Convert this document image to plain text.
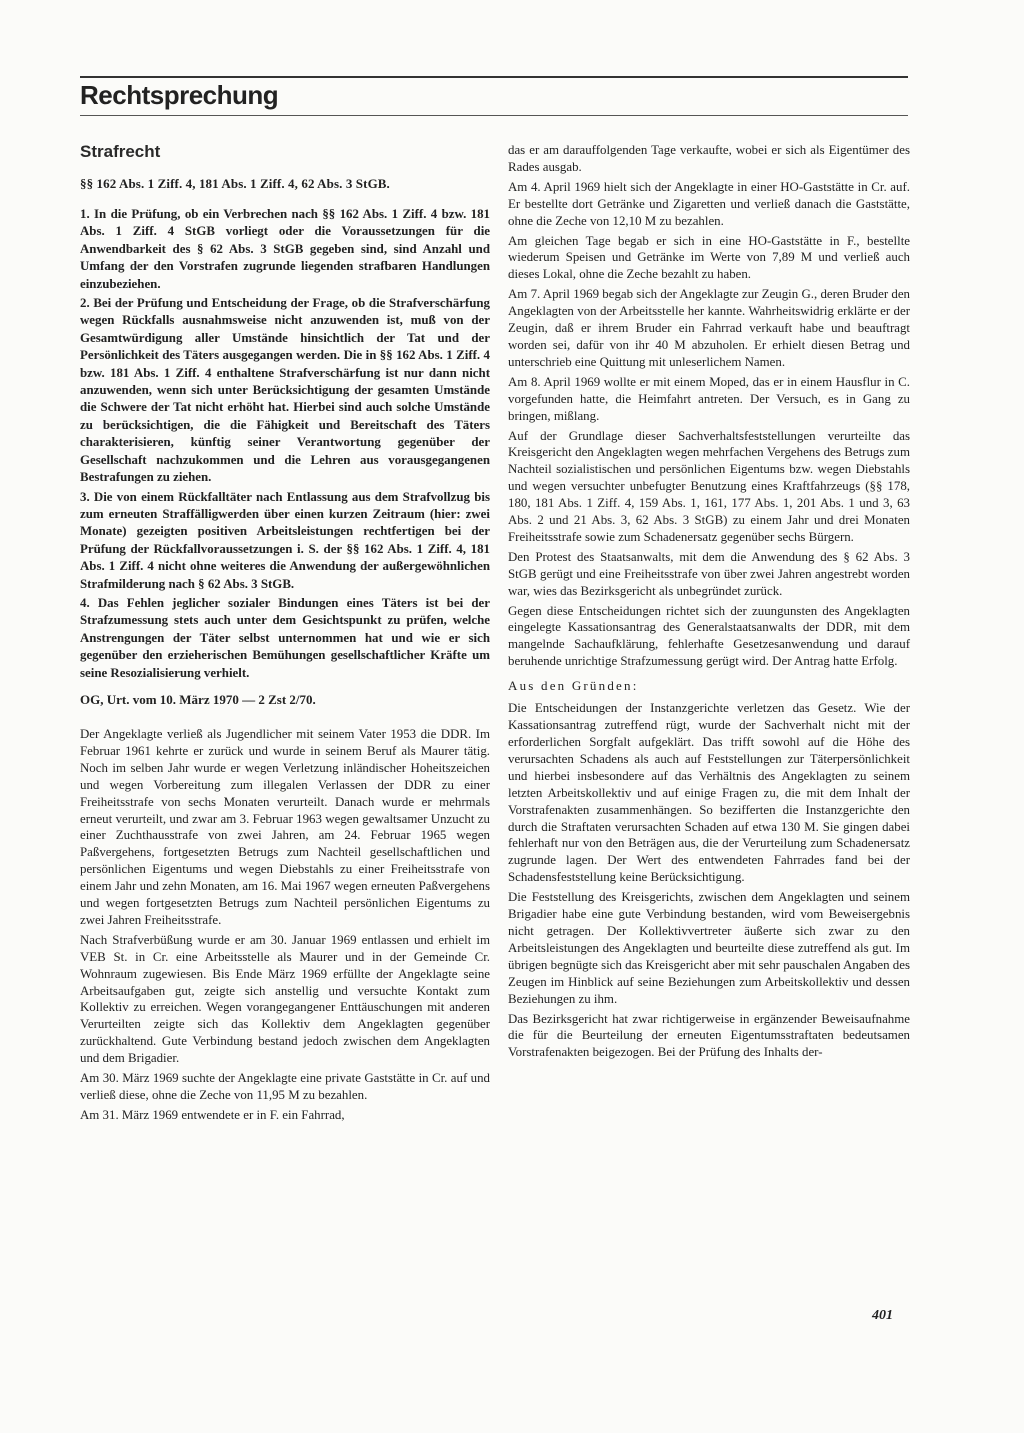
Rechtsprechung
Strafrecht
§§ 162 Abs. 1 Ziff. 4, 181 Abs. 1 Ziff. 4, 62 Abs. 3 StGB.

1. In die Prüfung, ob ein Verbrechen nach §§ 162 Abs. 1 Ziff. 4 bzw. 181 Abs. 1 Ziff. 4 StGB vorliegt oder die Voraussetzungen für die Anwendbarkeit des § 62 Abs. 3 StGB gegeben sind, sind Anzahl und Umfang der den Vorstrafen zugrunde liegenden strafbaren Handlungen einzubeziehen.

2. Bei der Prüfung und Entscheidung der Frage, ob die Strafverschärfung wegen Rückfalls ausnahmsweise nicht anzuwenden ist, muß von der Gesamtwürdigung aller Umstände hinsichtlich der Tat und der Persönlichkeit des Täters ausgegangen werden. Die in §§ 162 Abs. 1 Ziff. 4 bzw. 181 Abs. 1 Ziff. 4 enthaltene Strafverschärfung ist nur dann nicht anzuwenden, wenn sich unter Berücksichtigung der gesamten Umstände die Schwere der Tat nicht erhöht hat. Hierbei sind auch solche Umstände zu berücksichtigen, die die Fähigkeit und Bereitschaft des Täters charakterisieren, künftig seiner Verantwortung gegenüber der Gesellschaft nachzukommen und die Lehren aus vorausgegangenen Bestrafungen zu ziehen.

3. Die von einem Rückfalltäter nach Entlassung aus dem Strafvollzug bis zum erneuten Straffälligwerden über einen kurzen Zeitraum (hier: zwei Monate) gezeigten positiven Arbeitsleistungen rechtfertigen bei der Prüfung der Rückfallvoraussetzungen i. S. der §§ 162 Abs. 1 Ziff. 4, 181 Abs. 1 Ziff. 4 nicht ohne weiteres die Anwendung der außergewöhnlichen Strafmilderung nach § 62 Abs. 3 StGB.

4. Das Fehlen jeglicher sozialer Bindungen eines Täters ist bei der Strafzumessung stets auch unter dem Gesichtspunkt zu prüfen, welche Anstrengungen der Täter selbst unternommen hat und wie er sich gegenüber den erzieherischen Bemühungen gesellschaftlicher Kräfte um seine Resozialisierung verhielt.

OG, Urt. vom 10. März 1970 — 2 Zst 2/70.

Der Angeklagte verließ als Jugendlicher mit seinem Vater 1953 die DDR. Im Februar 1961 kehrte er zurück und wurde in seinem Beruf als Maurer tätig. Noch im selben Jahr wurde er wegen Verletzung inländischer Hoheitszeichen und wegen Vorbereitung zum illegalen Verlassen der DDR zu einer Freiheitsstrafe von sechs Monaten verurteilt. Danach wurde er mehrmals erneut verurteilt, und zwar am 3. Februar 1963 wegen gewaltsamer Unzucht zu einer Zuchthausstrafe von zwei Jahren, am 24. Februar 1965 wegen Paßvergehens, fortgesetzten Betrugs zum Nachteil gesellschaftlichen und persönlichen Eigentums und wegen Diebstahls zu einer Freiheitsstrafe von einem Jahr und zehn Monaten, am 16. Mai 1967 wegen erneuten Paßvergehens und wegen fortgesetzten Betrugs zum Nachteil persönlichen Eigentums zu zwei Jahren Freiheitsstrafe.

Nach Strafverbüßung wurde er am 30. Januar 1969 entlassen und erhielt im VEB St. in Cr. eine Arbeitsstelle als Maurer und in der Gemeinde Cr. Wohnraum zugewiesen. Bis Ende März 1969 erfüllte der Angeklagte seine Arbeitsaufgaben gut, zeigte sich anstellig und versuchte Kontakt zum Kollektiv zu erreichen. Wegen vorangegangener Enttäuschungen mit anderen Verurteilten zeigte sich das Kollektiv dem Angeklagten gegenüber zurückhaltend. Gute Verbindung bestand jedoch zwischen dem Angeklagten und dem Brigadier.

Am 30. März 1969 suchte der Angeklagte eine private Gaststätte in Cr. auf und verließ diese, ohne die Zeche von 11,95 M zu bezahlen.

Am 31. März 1969 entwendete er in F. ein Fahrrad,

das er am darauffolgenden Tage verkaufte, wobei er sich als Eigentümer des Rades ausgab.

Am 4. April 1969 hielt sich der Angeklagte in einer HO-Gaststätte in Cr. auf. Er bestellte dort Getränke und Zigaretten und verließ danach die Gaststätte, ohne die Zeche von 12,10 M zu bezahlen.

Am gleichen Tage begab er sich in eine HO-Gaststätte in F., bestellte wiederum Speisen und Getränke im Werte von 7,89 M und verließ auch dieses Lokal, ohne die Zeche bezahlt zu haben.

Am 7. April 1969 begab sich der Angeklagte zur Zeugin G., deren Bruder den Angeklagten von der Arbeitsstelle her kannte. Wahrheitswidrig erklärte er der Zeugin, daß er ihrem Bruder ein Fahrrad verkauft habe und beauftragt worden sei, dafür von ihr 40 M abzuholen. Er erhielt diesen Betrag und unterschrieb eine Quittung mit unleserlichem Namen.

Am 8. April 1969 wollte er mit einem Moped, das er in einem Hausflur in C. vorgefunden hatte, die Heimfahrt antreten. Der Versuch, es in Gang zu bringen, mißlang.

Auf der Grundlage dieser Sachverhaltsfeststellungen verurteilte das Kreisgericht den Angeklagten wegen mehrfachen Vergehens des Betrugs zum Nachteil sozialistischen und persönlichen Eigentums bzw. wegen Diebstahls und wegen versuchter unbefugter Benutzung eines Kraftfahrzeugs (§§ 178, 180, 181 Abs. 1 Ziff. 4, 159 Abs. 1, 161, 177 Abs. 1, 201 Abs. 1 und 3, 63 Abs. 2 und 21 Abs. 3, 62 Abs. 3 StGB) zu einem Jahr und drei Monaten Freiheitsstrafe sowie zum Schadenersatz gegenüber sechs Bürgern.

Den Protest des Staatsanwalts, mit dem die Anwendung des § 62 Abs. 3 StGB gerügt und eine Freiheitsstrafe von über zwei Jahren angestrebt worden war, wies das Bezirksgericht als unbegründet zurück.

Gegen diese Entscheidungen richtet sich der zuungunsten des Angeklagten eingelegte Kassationsantrag des Generalstaatsanwalts der DDR, mit dem mangelnde Sachaufklärung, fehlerhafte Gesetzesanwendung und darauf beruhende unrichtige Strafzumessung gerügt wird. Der Antrag hatte Erfolg.

Aus den Gründen:

Die Entscheidungen der Instanzgerichte verletzen das Gesetz. Wie der Kassationsantrag zutreffend rügt, wurde der Sachverhalt nicht mit der erforderlichen Sorgfalt aufgeklärt. Das trifft sowohl auf die Höhe des verursachten Schadens als auch auf Feststellungen zur Täterpersönlichkeit und hierbei insbesondere auf das Verhältnis des Angeklagten zu seinem letzten Arbeitskollektiv und auf einige Fragen zu, die mit dem Inhalt der Vorstrafenakten zusammenhängen. So bezifferten die Instanzgerichte den durch die Straftaten verursachten Schaden auf etwa 130 M. Sie gingen dabei fehlerhaft nur von den Beträgen aus, die der Verurteilung zum Schadenersatz zugrunde lagen. Der Wert des entwendeten Fahrrades fand bei der Schadensfeststellung keine Berücksichtigung.

Die Feststellung des Kreisgerichts, zwischen dem Angeklagten und seinem Brigadier habe eine gute Verbindung bestanden, wird vom Beweisergebnis nicht getragen. Der Kollektivvertreter äußerte sich zwar zu den Arbeitsleistungen des Angeklagten und beurteilte diese zutreffend als gut. Im übrigen begnügte sich das Kreisgericht aber mit sehr pauschalen Angaben des Zeugen im Hinblick auf seine Beziehungen zum Arbeitskollektiv und dessen Beziehungen zu ihm.

Das Bezirksgericht hat zwar richtigerweise in ergänzender Beweisaufnahme die für die Beurteilung der erneuten Eigentumsstraftaten bedeutsamen Vorstrafenakten beigezogen. Bei der Prüfung des Inhalts der-

401
